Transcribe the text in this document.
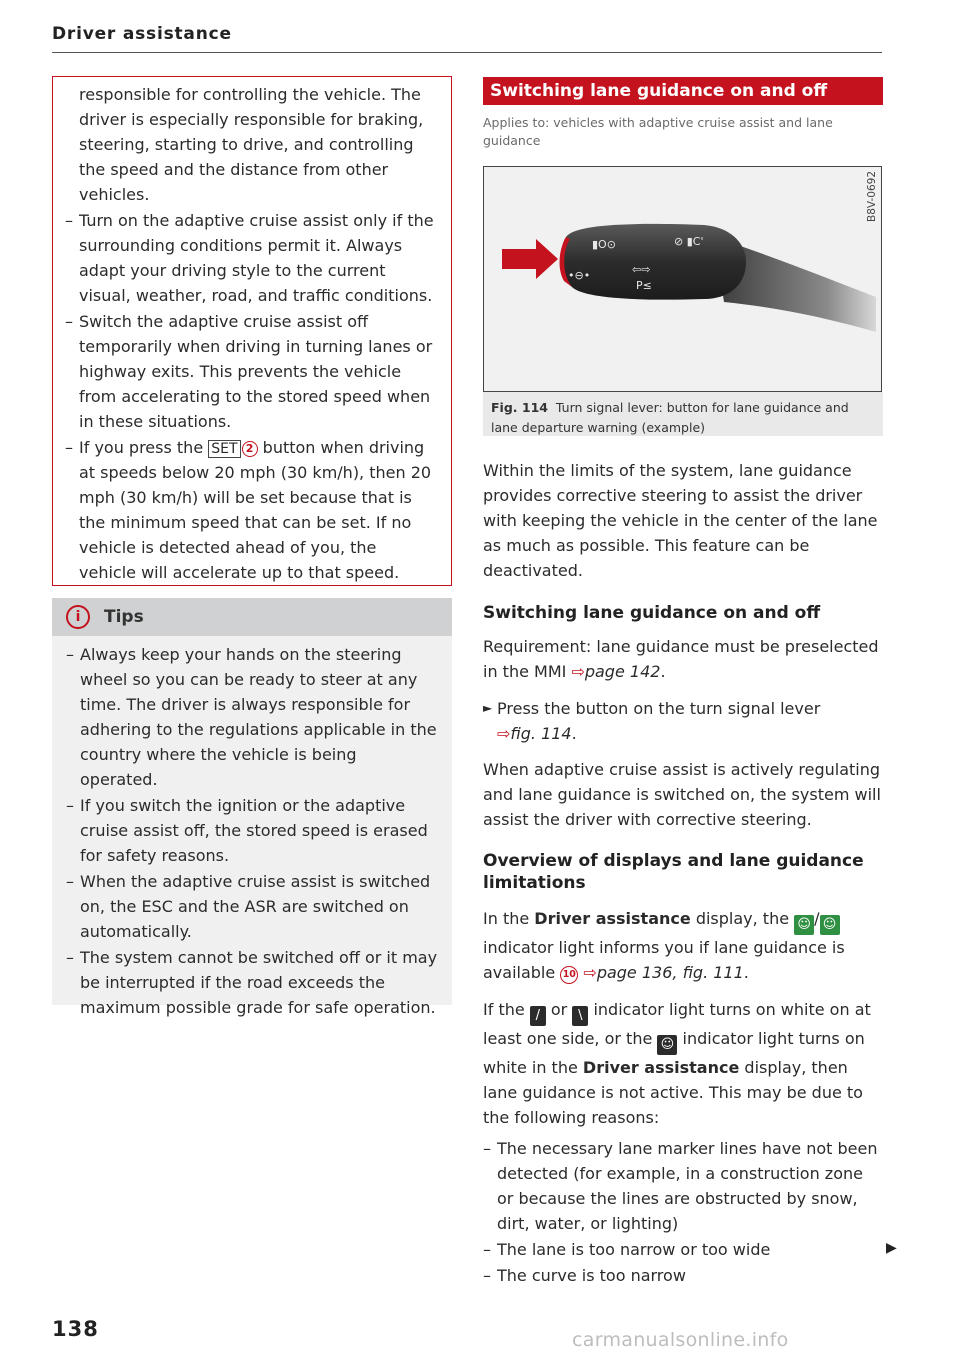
Driver assistance

responsible for controlling the vehicle. The driver is especially responsible for braking, steering, starting to drive, and controlling the speed and the distance from other vehicles.

– Turn on the adaptive cruise assist only if the surrounding conditions permit it. Always adapt your driving style to the current visual, weather, road, and traffic conditions.
– Switch the adaptive cruise assist off temporarily when driving in turning lanes or highway exits. This prevents the vehicle from accelerating to the stored speed when in these situations.
– If you press the SET 2 button when driving at speeds below 20 mph (30 km/h), then 20 mph (30 km/h) will be set because that is the minimum speed that can be set. If no vehicle is detected ahead of you, the vehicle will accelerate up to that speed.
i	Tips
– Always keep your hands on the steering wheel so you can be ready to steer at any time. The driver is always responsible for adhering to the regulations applicable in the country where the vehicle is being operated.
– If you switch the ignition or the adaptive cruise assist off, the stored speed is erased for safety reasons.
– When the adaptive cruise assist is switched on, the ESC and the ASR are switched on automatically.
– The system cannot be switched off or it may be interrupted if the road exceeds the maximum possible grade for safe operation.
138
Switching lane guidance on and off
Applies to: vehicles with adaptive cruise assist and lane guidance
B8V-0692
▮O⊙	⊘ ▮C'
•⊖•	⇦⇨
P≤
Fig. 114 Turn signal lever: button for lane guidance and lane departure warning (example)

Within the limits of the system, lane guidance provides corrective steering to assist the driver with keeping the vehicle in the center of the lane as much as possible. This feature can be deactivated.

Switching lane guidance on and off

Requirement: lane guidance must be preselected in the MMI ⇨page 142.

► Press the button on the turn signal lever
⇨fig. 114.

When adaptive cruise assist is actively regulating and lane guidance is switched on, the system will assist the driver with corrective steering.

Overview of displays and lane guidance limitations

In the Driver assistance display, the ☺ / ☺ indicator light informs you if lane guidance is available 10 ⇨page 136, fig. 111.

If the / or \ indicator light turns on white on at least one side, or the ☺ indicator light turns on white in the Driver assistance display, then lane guidance is not active. This may be due to the following reasons:

– The necessary lane marker lines have not been detected (for example, in a construction zone or because the lines are obstructed by snow, dirt, water, or lighting)
– The lane is too narrow or too wide
– The curve is too narrow
▶
carmanualsonline.info
